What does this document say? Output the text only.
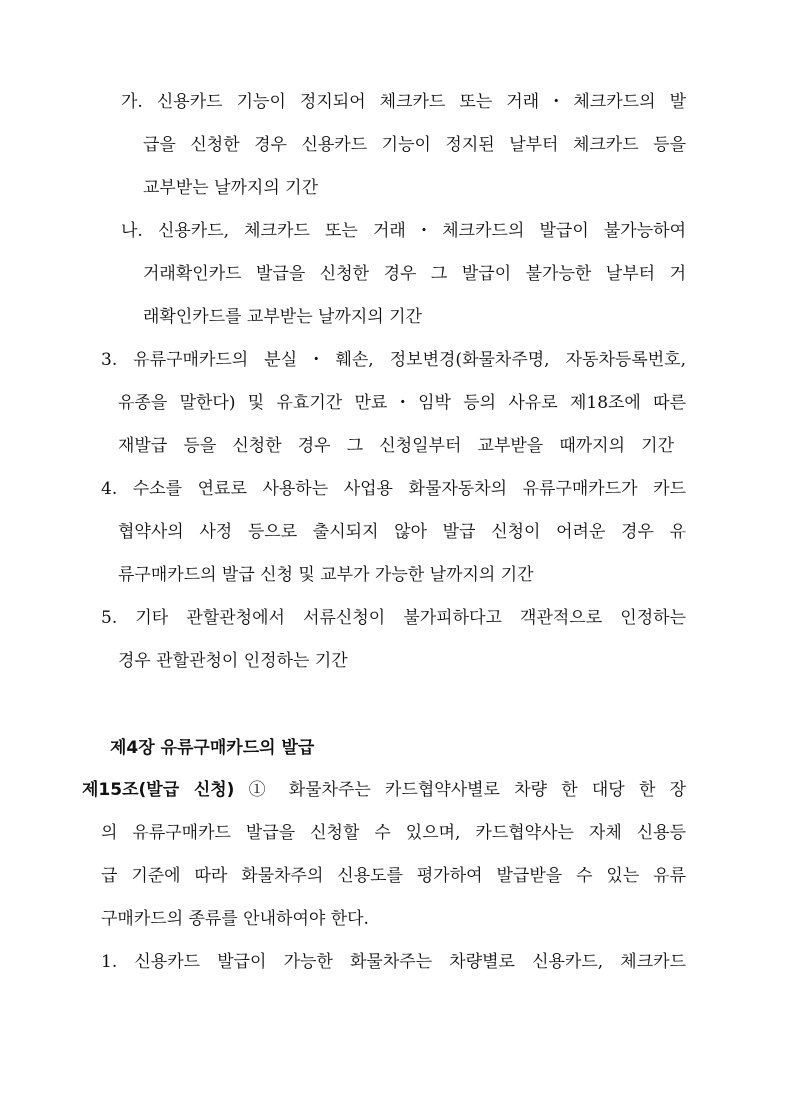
가. 신용카드 기능이 정지되어 체크카드 또는 거래・체크카드의 발
급을 신청한 경우 신용카드 기능이 정지된 날부터 체크카드 등을
교부받는 날까지의 기간
나. 신용카드, 체크카드 또는 거래・체크카드의 발급이 불가능하여
거래확인카드 발급을 신청한 경우 그 발급이 불가능한 날부터 거
래확인카드를 교부받는 날까지의 기간
3. 유류구매카드의 분실・훼손, 정보변경(화물차주명, 자동차등록번호,
유종을 말한다) 및 유효기간 만료・임박 등의 사유로 제18조에 따른
재발급 등을 신청한 경우 그 신청일부터 교부받을 때까지의 기간
4. 수소를 연료로 사용하는 사업용 화물자동차의 유류구매카드가 카드
협약사의 사정 등으로 출시되지 않아 발급 신청이 어려운 경우 유
류구매카드의 발급 신청 및 교부가 가능한 날까지의 기간
5. 기타 관할관청에서 서류신청이 불가피하다고 객관적으로 인정하는
경우 관할관청이 인정하는 기간
제4장 유류구매카드의 발급
제15조(발급 신청) ① 화물차주는 카드협약사별로 차량 한 대당 한 장
의 유류구매카드 발급을 신청할 수 있으며, 카드협약사는 자체 신용등
급 기준에 따라 화물차주의 신용도를 평가하여 발급받을 수 있는 유류
구매카드의 종류를 안내하여야 한다.
1. 신용카드 발급이 가능한 화물차주는 차량별로 신용카드, 체크카드
